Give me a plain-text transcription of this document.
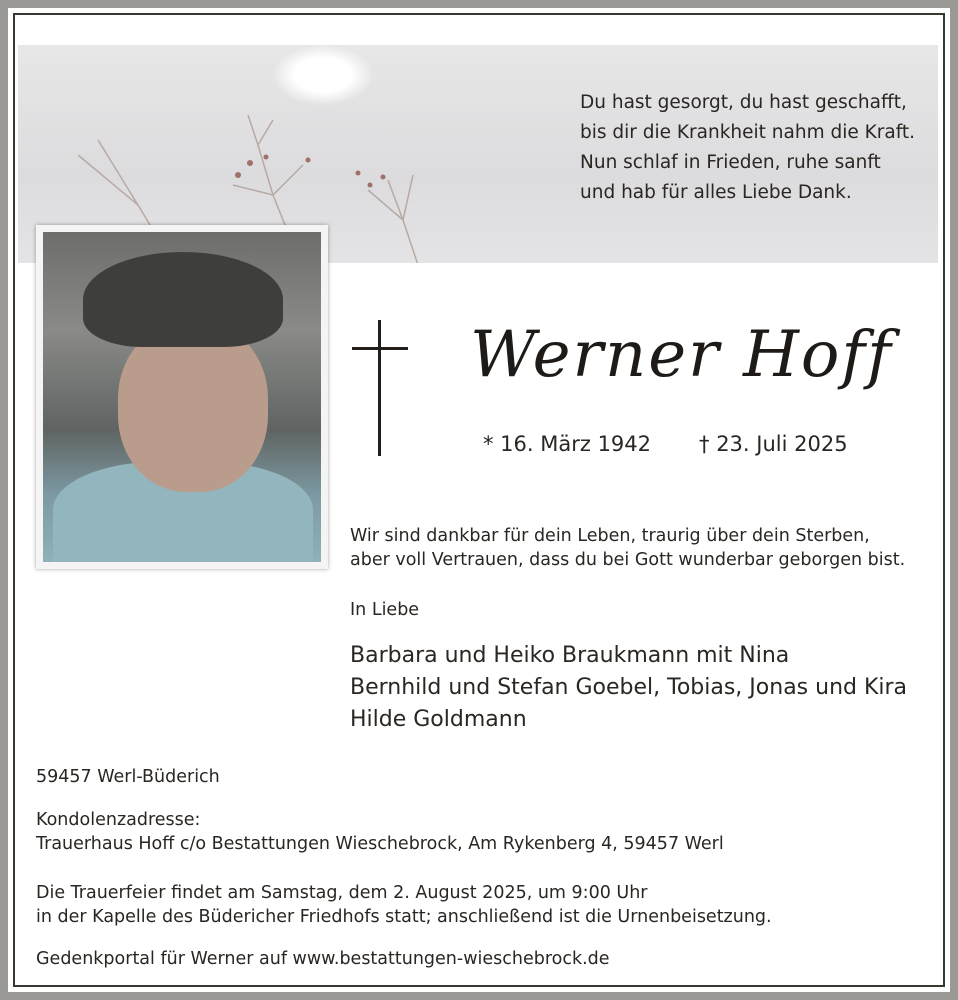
Du hast gesorgt, du hast geschafft,
bis dir die Krankheit nahm die Kraft.
Nun schlaf in Frieden, ruhe sanft
und hab für alles Liebe Dank.
Werner Hoff
* 16. März 1942 † 23. Juli 2025
Wir sind dankbar für dein Leben, traurig über dein Sterben,
aber voll Vertrauen, dass du bei Gott wunderbar geborgen bist.
In Liebe
Barbara und Heiko Braukmann mit Nina
Bernhild und Stefan Goebel, Tobias, Jonas und Kira
Hilde Goldmann
59457 Werl-Büderich
Kondolenzadresse:
Trauerhaus Hoff c/o Bestattungen Wieschebrock, Am Rykenberg 4, 59457 Werl
Die Trauerfeier findet am Samstag, dem 2. August 2025, um 9:00 Uhr
in der Kapelle des Büdericher Friedhofs statt; anschließend ist die Urnenbeisetzung.
Gedenkportal für Werner auf www.bestattungen-wieschebrock.de
